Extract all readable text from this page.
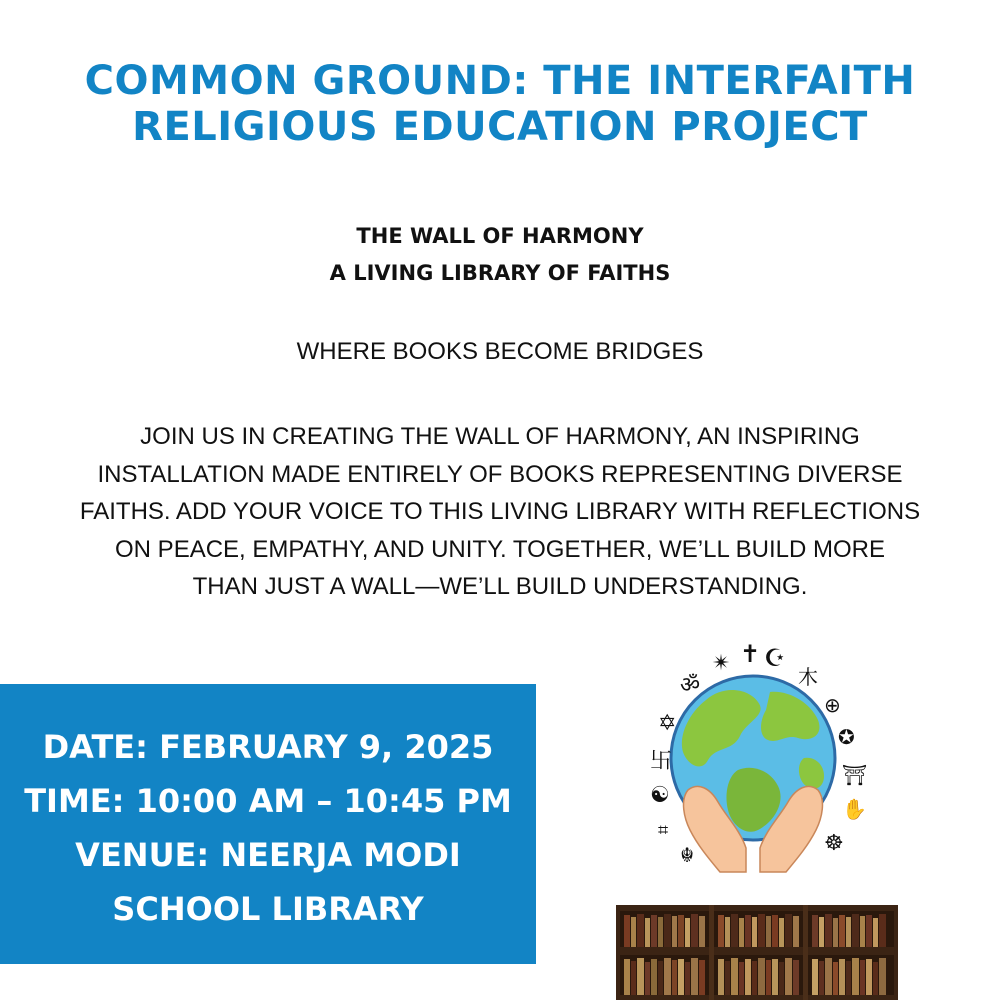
COMMON GROUND: THE INTERFAITH
RELIGIOUS EDUCATION PROJECT
THE WALL OF HARMONY
A LIVING LIBRARY OF FAITHS
WHERE BOOKS BECOME BRIDGES
JOIN US IN CREATING THE WALL OF HARMONY, AN INSPIRING
INSTALLATION MADE ENTIRELY OF BOOKS REPRESENTING DIVERSE
FAITHS. ADD YOUR VOICE TO THIS LIVING LIBRARY WITH REFLECTIONS
ON PEACE, EMPATHY, AND UNITY. TOGETHER, WE’LL BUILD MORE
THAN JUST A WALL—WE’LL BUILD UNDERSTANDING.
DATE: FEBRUARY 9, 2025
TIME: 10:00 AM – 10:45 PM
VENUE: NEERJA MODI
SCHOOL LIBRARY
✝ ☪
✴
木
ॐ
⊕
✡
✪
卐
⛩
☯
✋
⌗
☸
☬
